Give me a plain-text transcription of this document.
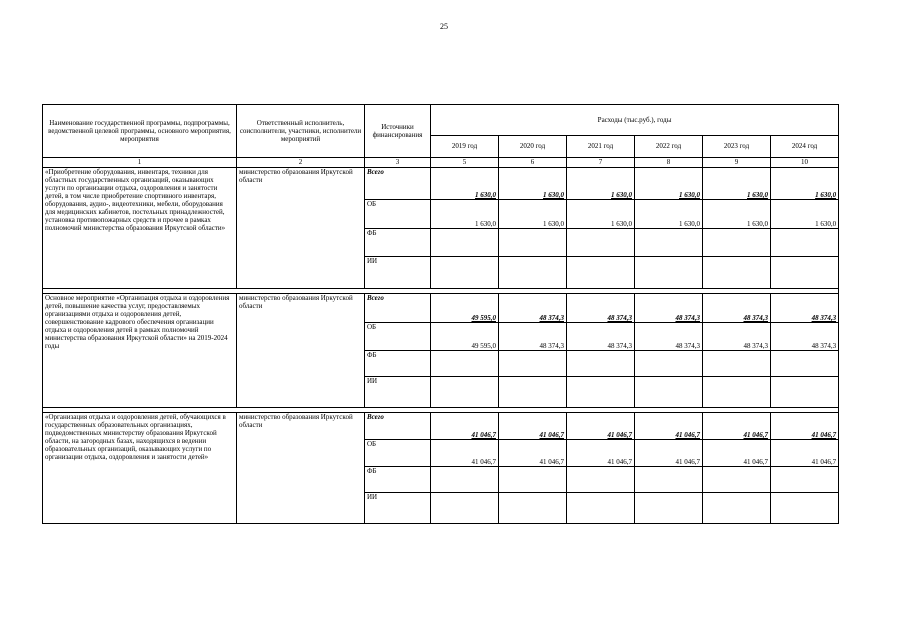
25
Наименование государственной программы, подпрограммы, ведомственной целевой программы, основного мероприятия, мероприятия	Ответственный исполнитель, соисполнители, участники, исполнители мероприятий	Источники финансирования	Расходы (тыс.руб.), годы					
			2019 год	2020 год	2021 год	2022 год	2023 год	2024 год
1	2	3	5	6	7	8	9	10
«Приобретение оборудования, инвентаря, техники для областных государственных организаций, оказывающих услуги по организации отдыха, оздоровления и занятости детей, в том числе приобретение спортивного инвентаря, оборудования, аудио-, видеотехники, мебели, оборудования для медицинских кабинетов, постельных принадлежностей, установка противопожарных средств и прочее в рамках полномочий министерства образования Иркутской области»	министерство образования Иркутской области	Всего	1 630,0	1 630,0	1 630,0	1 630,0	1 630,0	1 630,0
		ОБ	1 630,0	1 630,0	1 630,0	1 630,0	1 630,0	1 630,0
		ФБ						
		ИИ						

Основное мероприятие «Организация отдыха и оздоровления детей, повышение качества услуг, предоставляемых организациями отдыха и оздоровления детей, совершенствование кадрового обеспечения организации отдыха и оздоровления детей в рамках полномочий министерства образования Иркутской области» на 2019-2024 годы	министерство образования Иркутской области	Всего	49 595,0	48 374,3	48 374,3	48 374,3	48 374,3	48 374,3
		ОБ	49 595,0	48 374,3	48 374,3	48 374,3	48 374,3	48 374,3
		ФБ						
		ИИ						

«Организация отдыха и оздоровления детей, обучающихся в государственных образовательных организациях, подведомственных министерству образования Иркутской области, на загородных базах, находящихся в ведении образовательных организаций, оказывающих услуги по организации отдыха, оздоровления и занятости детей»	министерство образования Иркутской области	Всего	41 046,7	41 046,7	41 046,7	41 046,7	41 046,7	41 046,7
		ОБ	41 046,7	41 046,7	41 046,7	41 046,7	41 046,7	41 046,7
		ФБ						
		ИИ						
